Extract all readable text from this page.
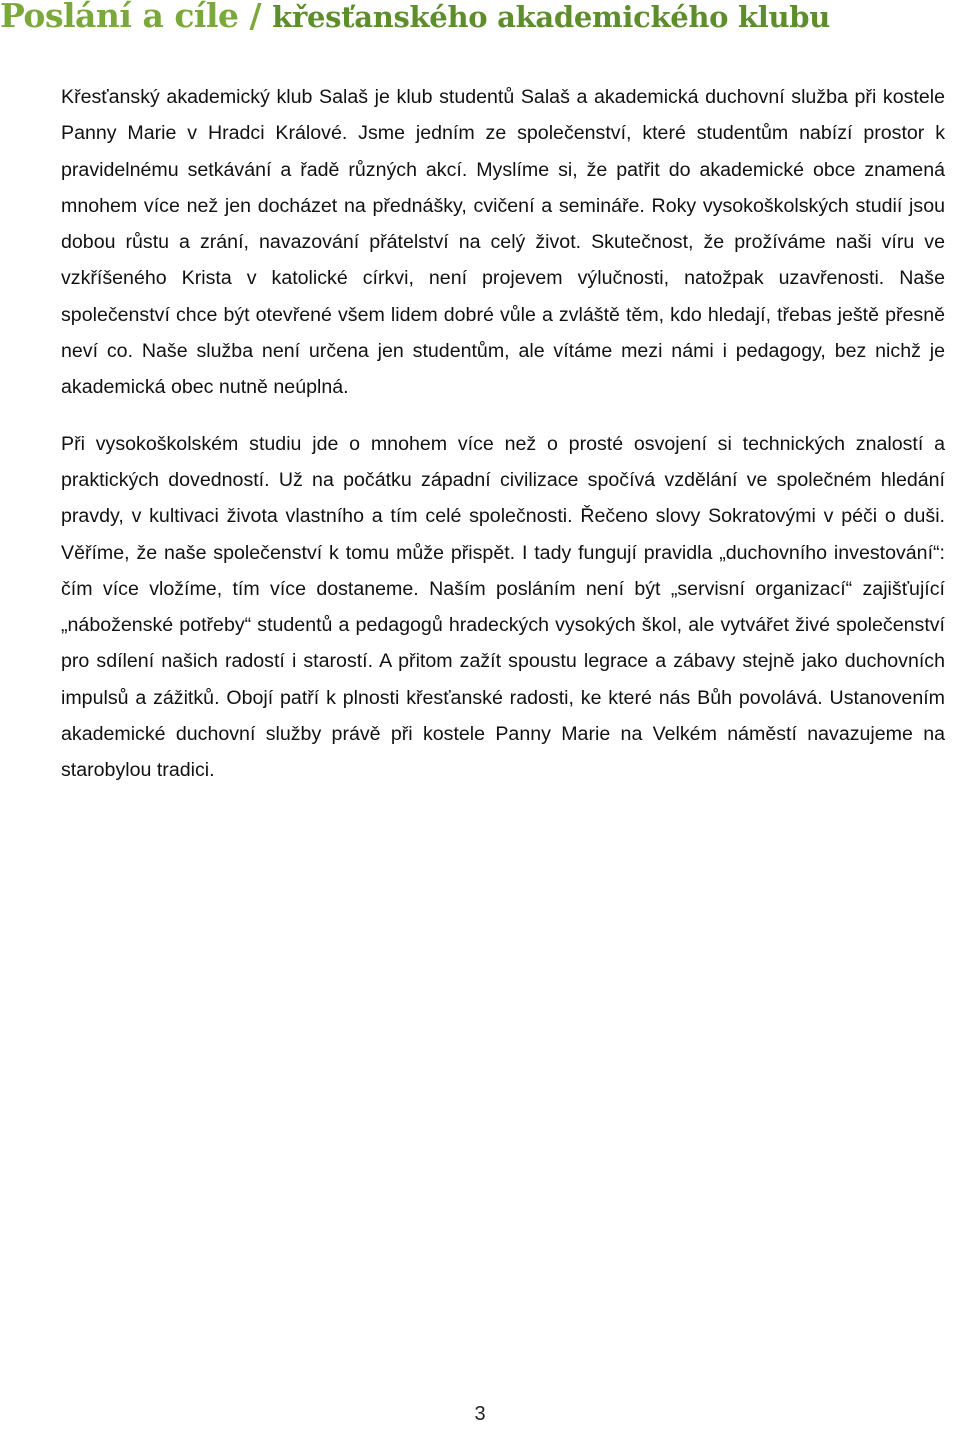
Poslání a cíle / křesťanského akademického klubu

Křesťanský akademický klub Salaš je klub studentů Salaš a akademická duchovní služba při kostele Panny Marie v Hradci Králové. Jsme jedním ze společenství, které studentům nabízí prostor k pravidelnému setkávání a řadě různých akcí. Myslíme si, že patřit do akademické obce znamená mnohem více než jen docházet na přednášky, cvičení a semináře. Roky vysokoškolských studií jsou dobou růstu a zrání, navazování přátelství na celý život. Skutečnost, že prožíváme naši víru ve vzkříšeného Krista v katolické církvi, není projevem výlučnosti, natožpak uzavřenosti. Naše společenství chce být otevřené všem lidem dobré vůle a zvláště těm, kdo hledají, třebas ještě přesně neví co. Naše služba není určena jen studentům, ale vítáme mezi námi i pedagogy, bez nichž je akademická obec nutně neúplná.

Při vysokoškolském studiu jde o mnohem více než o prosté osvojení si technických znalostí a praktických dovedností. Už na počátku západní civilizace spočívá vzdělání ve společném hledání pravdy, v kultivaci života vlastního a tím celé společnosti. Řečeno slovy Sokratovými v péči o duši. Věříme, že naše společenství k tomu může přispět. I tady fungují pravidla „duchovního investování“: čím více vložíme, tím více dostaneme. Naším posláním není být „servisní organizací“ zajišťující „náboženské potřeby“ studentů a pedagogů hradeckých vysokých škol, ale vytvářet živé společenství pro sdílení našich radostí i starostí. A přitom zažít spoustu legrace a zábavy stejně jako duchovních impulsů a zážitků. Obojí patří k plnosti křesťanské radosti, ke které nás Bůh povolává. Ustanovením akademické duchovní služby právě při kostele Panny Marie na Velkém náměstí navazujeme na starobylou tradici.

3
